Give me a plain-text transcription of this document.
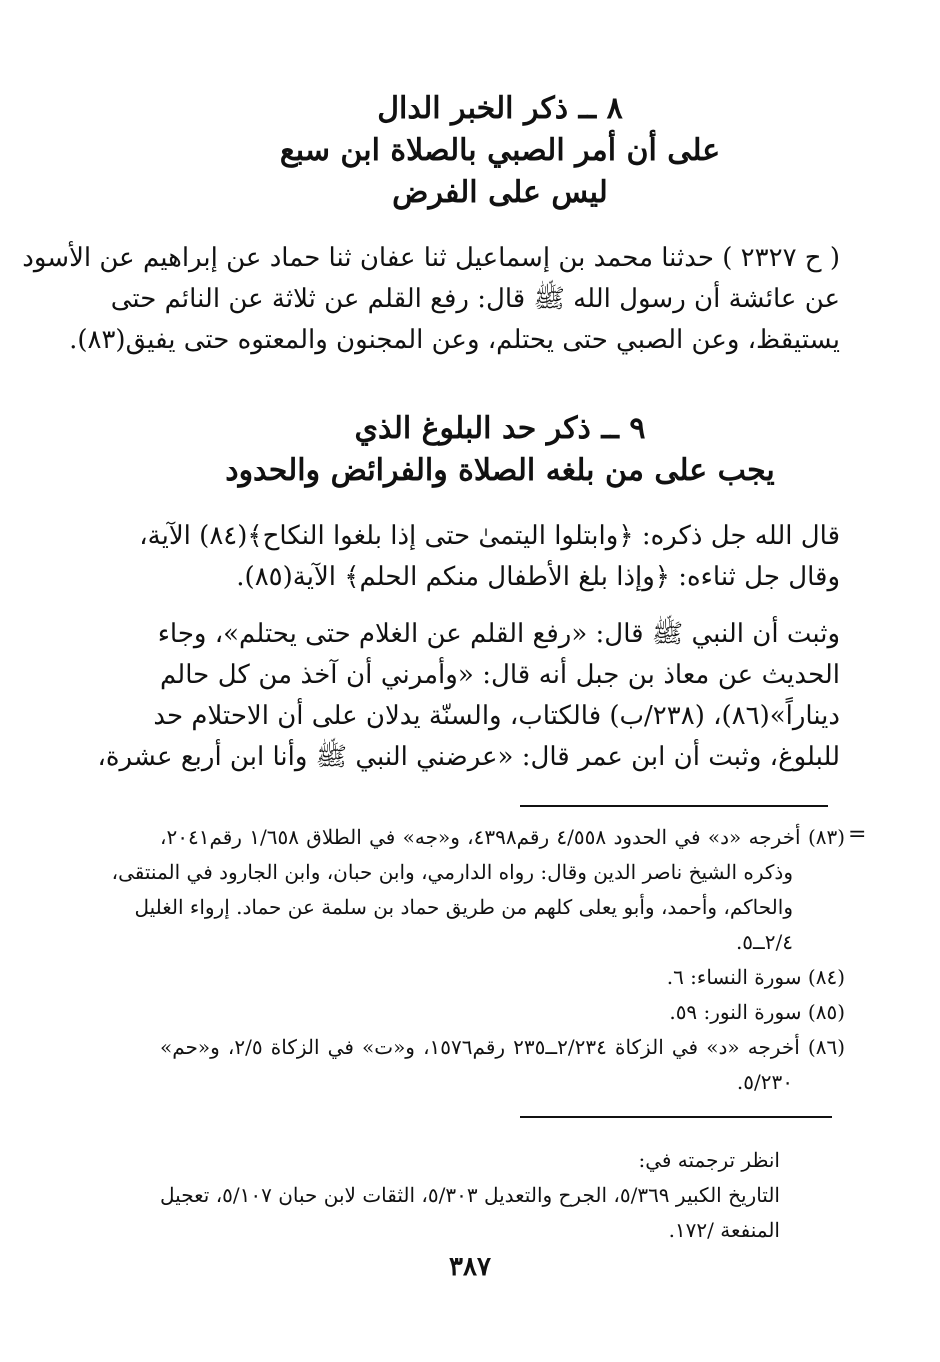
٨ ــ ذكر الخبر الدال
على أن أمر الصبي بالصلاة ابن سبع
ليس على الفرض
( ح ٢٣٢٧ ) حدثنا محمد بن إسماعيل ثنا عفان ثنا حماد عن إبراهيم عن الأسود
عن عائشة أن رسول الله ﷺ قال: رفع القلم عن ثلاثة عن النائم حتى
يستيقظ، وعن الصبي حتى يحتلم، وعن المجنون والمعتوه حتى يفيق(٨٣).
٩ ــ ذكر حد البلوغ الذي
يجب على من بلغه الصلاة والفرائض والحدود
قال الله جل ذكره: ﴿وابتلوا اليتمىٰ حتى إذا بلغوا النكاح﴾(٨٤) الآية،
وقال جل ثناءه: ﴿وإذا بلغ الأطفال منكم الحلم﴾ الآية(٨٥).
وثبت أن النبي ﷺ قال: «رفع القلم عن الغلام حتى يحتلم»، وجاء
الحديث عن معاذ بن جبل أنه قال: «وأمرني أن آخذ من كل حالم
ديناراً»(٨٦)، (٢٣٨/ب) فالكتاب، والسنّة يدلان على أن الاحتلام حد
للبلوغ، وثبت أن ابن عمر قال: «عرضني النبي ﷺ وأنا ابن أربع عشرة،
=
(٨٣) أخرجه «د» في الحدود ٤/٥٥٨ رقم٤٣٩٨، و«جه» في الطلاق ١/٦٥٨ رقم٢٠٤١،
وذكره الشيخ ناصر الدين وقال: رواه الدارمي، وابن حبان، وابن الجارود في المنتقى،
والحاكم، وأحمد، وأبو يعلى كلهم من طريق حماد بن سلمة عن حماد. إرواء الغليل
٢/٤ــ٥.
(٨٤) سورة النساء: ٦.
(٨٥) سورة النور: ٥٩.
(٨٦) أخرجه «د» في الزكاة ٢/٢٣٤ــ٢٣٥ رقم١٥٧٦، و«ت» في الزكاة ٢/٥، و«حم»
٥/٢٣٠.
انظر ترجمته في:
التاريخ الكبير ٥/٣٦٩، الجرح والتعديل ٥/٣٠٣، الثقات لابن حبان ٥/١٠٧، تعجيل
المنفعة /١٧٢.
٣٨٧
